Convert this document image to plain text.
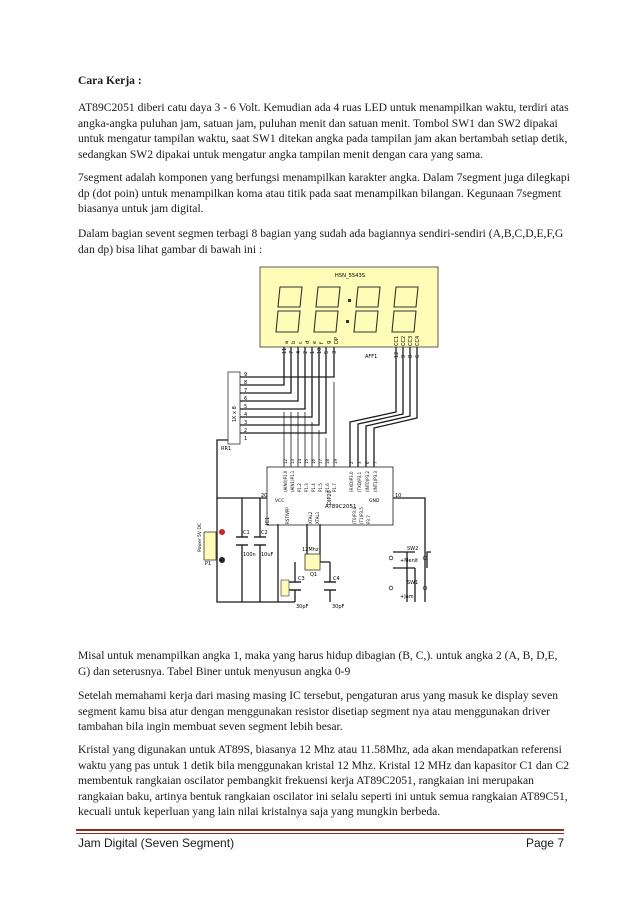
Cara Kerja :

AT89C2051 diberi catu daya 3 - 6 Volt. Kemudian ada 4 ruas LED untuk menampilkan waktu, terdiri atas angka-angka puluhan jam, satuan jam, puluhan menit dan satuan menit. Tombol SW1 dan SW2 dipakai untuk mengatur tampilan waktu, saat SW1 ditekan angka pada tampilan jam akan bertambah setiap detik, sedangkan SW2 dipakai untuk mengatur angka tampilan menit dengan cara yang sama.

7segment adalah komponen yang berfungsi menampilkan karakter angka. Dalam 7segment juga dilegkapi dp (dot poin) untuk menampilkan koma atau titik pada saat menampilkan bilangan. Kegunaan 7segment biasanya untuk jam digital.

Dalam bagian sevent segmen terbagi 8 bagian yang sudah ada bagiannya sendiri-sendiri (A,B,C,D,E,F,G dan dp) bisa lihat gambar di bawah ini :

HSN_5543S
AFF1
11 7 4 2 1 10 5 3
a b c d e f g DP	CC1 CC2 CC3 CC4
12 9 8 6
1K x 8
RR1
9
8
7
6
5
4
3
2
1
IC1
AT89C2051
DIP20
VCC	GND
20	10
RST/VPP	XTAL2 XTAL1
(AIN0)P1.0 (AIN1)P1.1 P1.2 P1.3 P1.4 P1.5 P1.6 P1.7	(RXD)P3.0 (TXD)P3.1 (INT0)P3.2 (INT1)P3.3
(T0)P3.4 (T1)P3.5 P3.7
12 13 14 15 16 17 18 19	2 3 6 7
C1 C2
100n 10uF
12Mhz
Q1
C3	C4
30pF	30pF
Power 5V DC
P1
SW2
+Menit
SW1
+Jam

Misal untuk menampilkan angka 1, maka yang harus hidup dibagian (B, C,). untuk angka 2 (A, B, D,E, G) dan seterusnya. Tabel Biner untuk menyusun angka 0-9

Setelah memahami kerja dari masing masing IC tersebut, pengaturan arus yang masuk ke display seven segment kamu bisa atur dengan menggunakan resistor disetiap segment nya atau menggunakan driver tambahan bila ingin membuat seven segment lebih besar.

Kristal yang digunakan untuk AT89S, biasanya 12 Mhz atau 11.58Mhz, ada akan mendapatkan referensi waktu yang pas untuk 1 detik bila menggunakan kristal 12 Mhz. Kristal 12 MHz dan kapasitor C1 dan C2 membentuk rangkaian oscilator pembangkit frekuensi kerja AT89C2051, rangkaian ini merupakan rangkaian baku, artinya bentuk rangkaian oscilator ini selalu seperti ini untuk semua rangkaian AT89C51, kecuali untuk keperluan yang lain nilai kristalnya saja yang mungkin berbeda.

Jam Digital (Seven Segment)	Page 7
